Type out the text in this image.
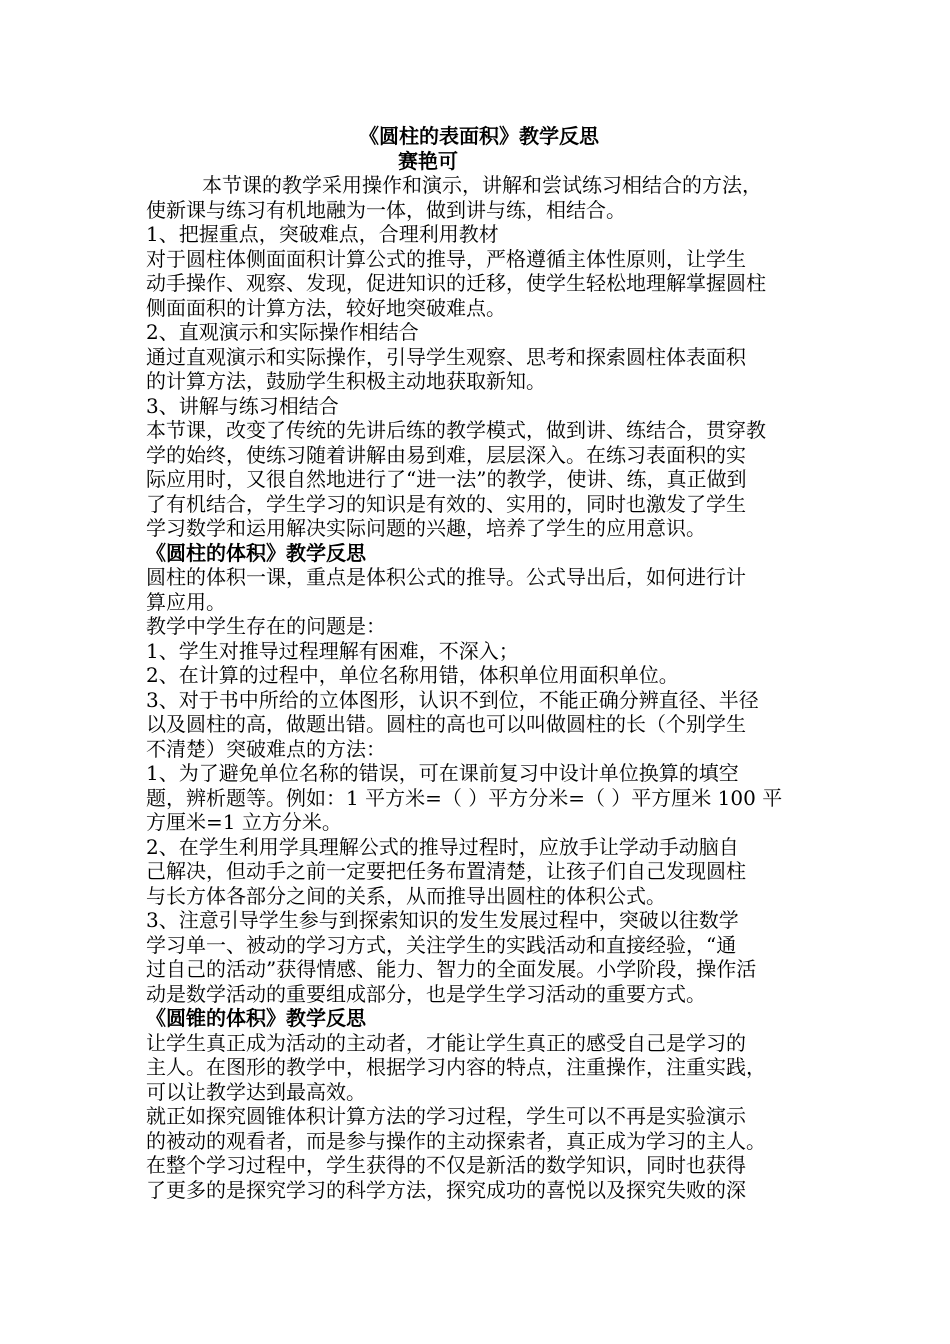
《圆柱的表面积》教学反思

赛艳可

本节课的教学采用操作和演示，讲解和尝试练习相结合的方法，

使新课与练习有机地融为一体，做到讲与练，相结合。

1、把握重点，突破难点，合理利用教材

对于圆柱体侧面面积计算公式的推导，严格遵循主体性原则，让学生

动手操作、观察、发现，促进知识的迁移，使学生轻松地理解掌握圆柱

侧面面积的计算方法，较好地突破难点。

2、直观演示和实际操作相结合

通过直观演示和实际操作，引导学生观察、思考和探索圆柱体表面积

的计算方法，鼓励学生积极主动地获取新知。

3、讲解与练习相结合

本节课，改变了传统的先讲后练的教学模式，做到讲、练结合，贯穿教

学的始终，使练习随着讲解由易到难，层层深入。在练习表面积的实

际应用时，又很自然地进行了“进一法”的教学，使讲、练，真正做到

了有机结合，学生学习的知识是有效的、实用的，同时也激发了学生

学习数学和运用解决实际问题的兴趣，培养了学生的应用意识。

《圆柱的体积》教学反思

圆柱的体积一课，重点是体积公式的推导。公式导出后，如何进行计

算应用。

教学中学生存在的问题是：

1、学生对推导过程理解有困难，不深入；

2、在计算的过程中，单位名称用错，体积单位用面积单位。

3、对于书中所给的立体图形，认识不到位，不能正确分辨直径、半径

以及圆柱的高，做题出错。圆柱的高也可以叫做圆柱的长（个别学生

不清楚）突破难点的方法：

1、为了避免单位名称的错误，可在课前复习中设计单位换算的填空

题，辨析题等。例如：1 平方米=（ ）平方分米=（ ）平方厘米 100 平

方厘米=1 立方分米。

2、在学生利用学具理解公式的推导过程时，应放手让学动手动脑自

己解决，但动手之前一定要把任务布置清楚，让孩子们自己发现圆柱

与长方体各部分之间的关系，从而推导出圆柱的体积公式。

3、注意引导学生参与到探索知识的发生发展过程中，突破以往数学

学习单一、被动的学习方式，关注学生的实践活动和直接经验，“通

过自己的活动”获得情感、能力、智力的全面发展。小学阶段，操作活

动是数学活动的重要组成部分，也是学生学习活动的重要方式。

《圆锥的体积》教学反思

让学生真正成为活动的主动者，才能让学生真正的感受自己是学习的

主人。在图形的教学中，根据学习内容的特点，注重操作，注重实践，

可以让教学达到最高效。

就正如探究圆锥体积计算方法的学习过程，学生可以不再是实验演示

的被动的观看者，而是参与操作的主动探索者，真正成为学习的主人。

在整个学习过程中，学生获得的不仅是新活的数学知识，同时也获得

了更多的是探究学习的科学方法，探究成功的喜悦以及探究失败的深
